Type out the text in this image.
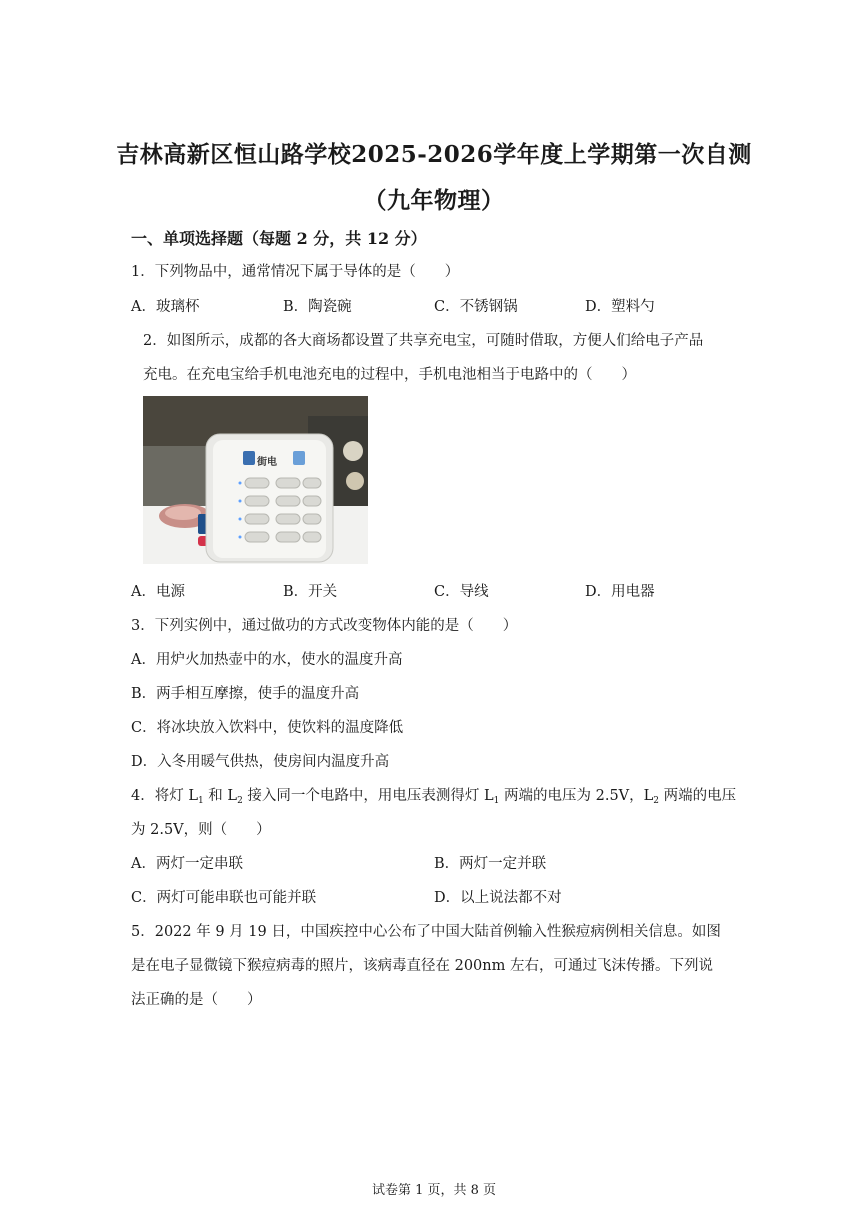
吉林高新区恒山路学校2025-2026学年度上学期第一次自测
（九年物理）
一、单项选择题（每题 2 分，共 12 分）
1．下列物品中，通常情况下属于导体的是（　　）
A．玻璃杯	B．陶瓷碗	C．不锈钢锅	D．塑料勺
2．如图所示，成都的各大商场都设置了共享充电宝，可随时借取，方便人们给电子产品
充电。在充电宝给手机电池充电的过程中，手机电池相当于电路中的（　　）
街电
A．电源	B．开关	C．导线	D．用电器
3．下列实例中，通过做功的方式改变物体内能的是（　　）
A．用炉火加热壶中的水，使水的温度升高
B．两手相互摩擦，使手的温度升高
C．将冰块放入饮料中，使饮料的温度降低
D．入冬用暖气供热，使房间内温度升高
4．将灯 $L_1$ 和 $L_2$ 接入同一个电路中，用电压表测得灯 $L_1$ 两端的电压为 2.5V，$L_2$ 两端的电压
为 2.5V，则（　　）
A．两灯一定串联	B．两灯一定并联
C．两灯可能串联也可能并联	D．以上说法都不对
5．2022 年 9 月 19 日，中国疾控中心公布了中国大陆首例输入性猴痘病例相关信息。如图
是在电子显微镜下猴痘病毒的照片，该病毒直径在 200nm 左右，可通过飞沫传播。下列说
法正确的是（　　）
试卷第 1 页，共 8 页
